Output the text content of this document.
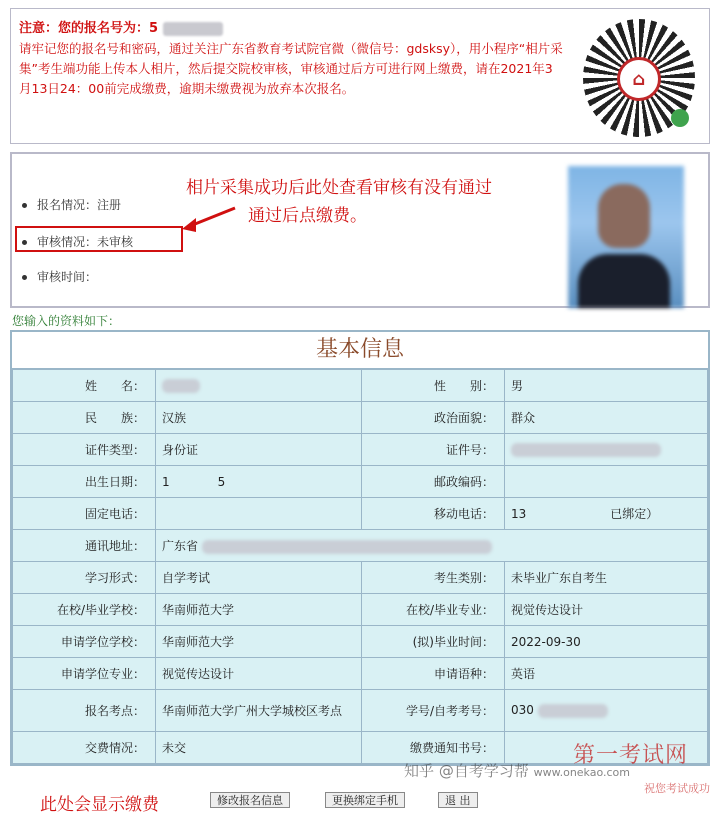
注意：您的报名号为：5
请牢记您的报名号和密码，通过关注广东省教育考试院官微（微信号：gdsksy），用小程序“相片采集”考生端功能上传本人相片，然后提交院校审核，审核通过后方可进行网上缴费，请在2021年3月13日24：00前完成缴费，逾期未缴费视为放弃本次报名。	⌂
报名情况：注册
审核情况：未审核
审核时间：
相片采集成功后此处查看审核有没有通过
通过后点缴费。
您输入的资料如下：
基本信息
姓　　名：		性　　别：	男
民　　族：	汉族	政治面貌：	群众
证件类型：	身份证	证件号：	
出生日期：	1　　　　5	邮政编码：	
固定电话：		移动电话：	13　　　　　　　已绑定）
通讯地址：	广东省		
学习形式：	自学考试	考生类别：	未毕业广东自考生
在校/毕业学校：	华南师范大学	在校/毕业专业：	视觉传达设计
申请学位学校：	华南师范大学	(拟)毕业时间：	2022-09-30
申请学位专业：	视觉传达设计	申请语种：	英语
报名考点：	华南师范大学广州大学城校区考点	学号/自考考号：	030
交费情况：	未交	缴费通知书号：	
此处会显示缴费	修改报名信息	更换绑定手机	退 出
第一考试网
知乎 @自考学习帮 www.onekao.com
祝您考试成功
